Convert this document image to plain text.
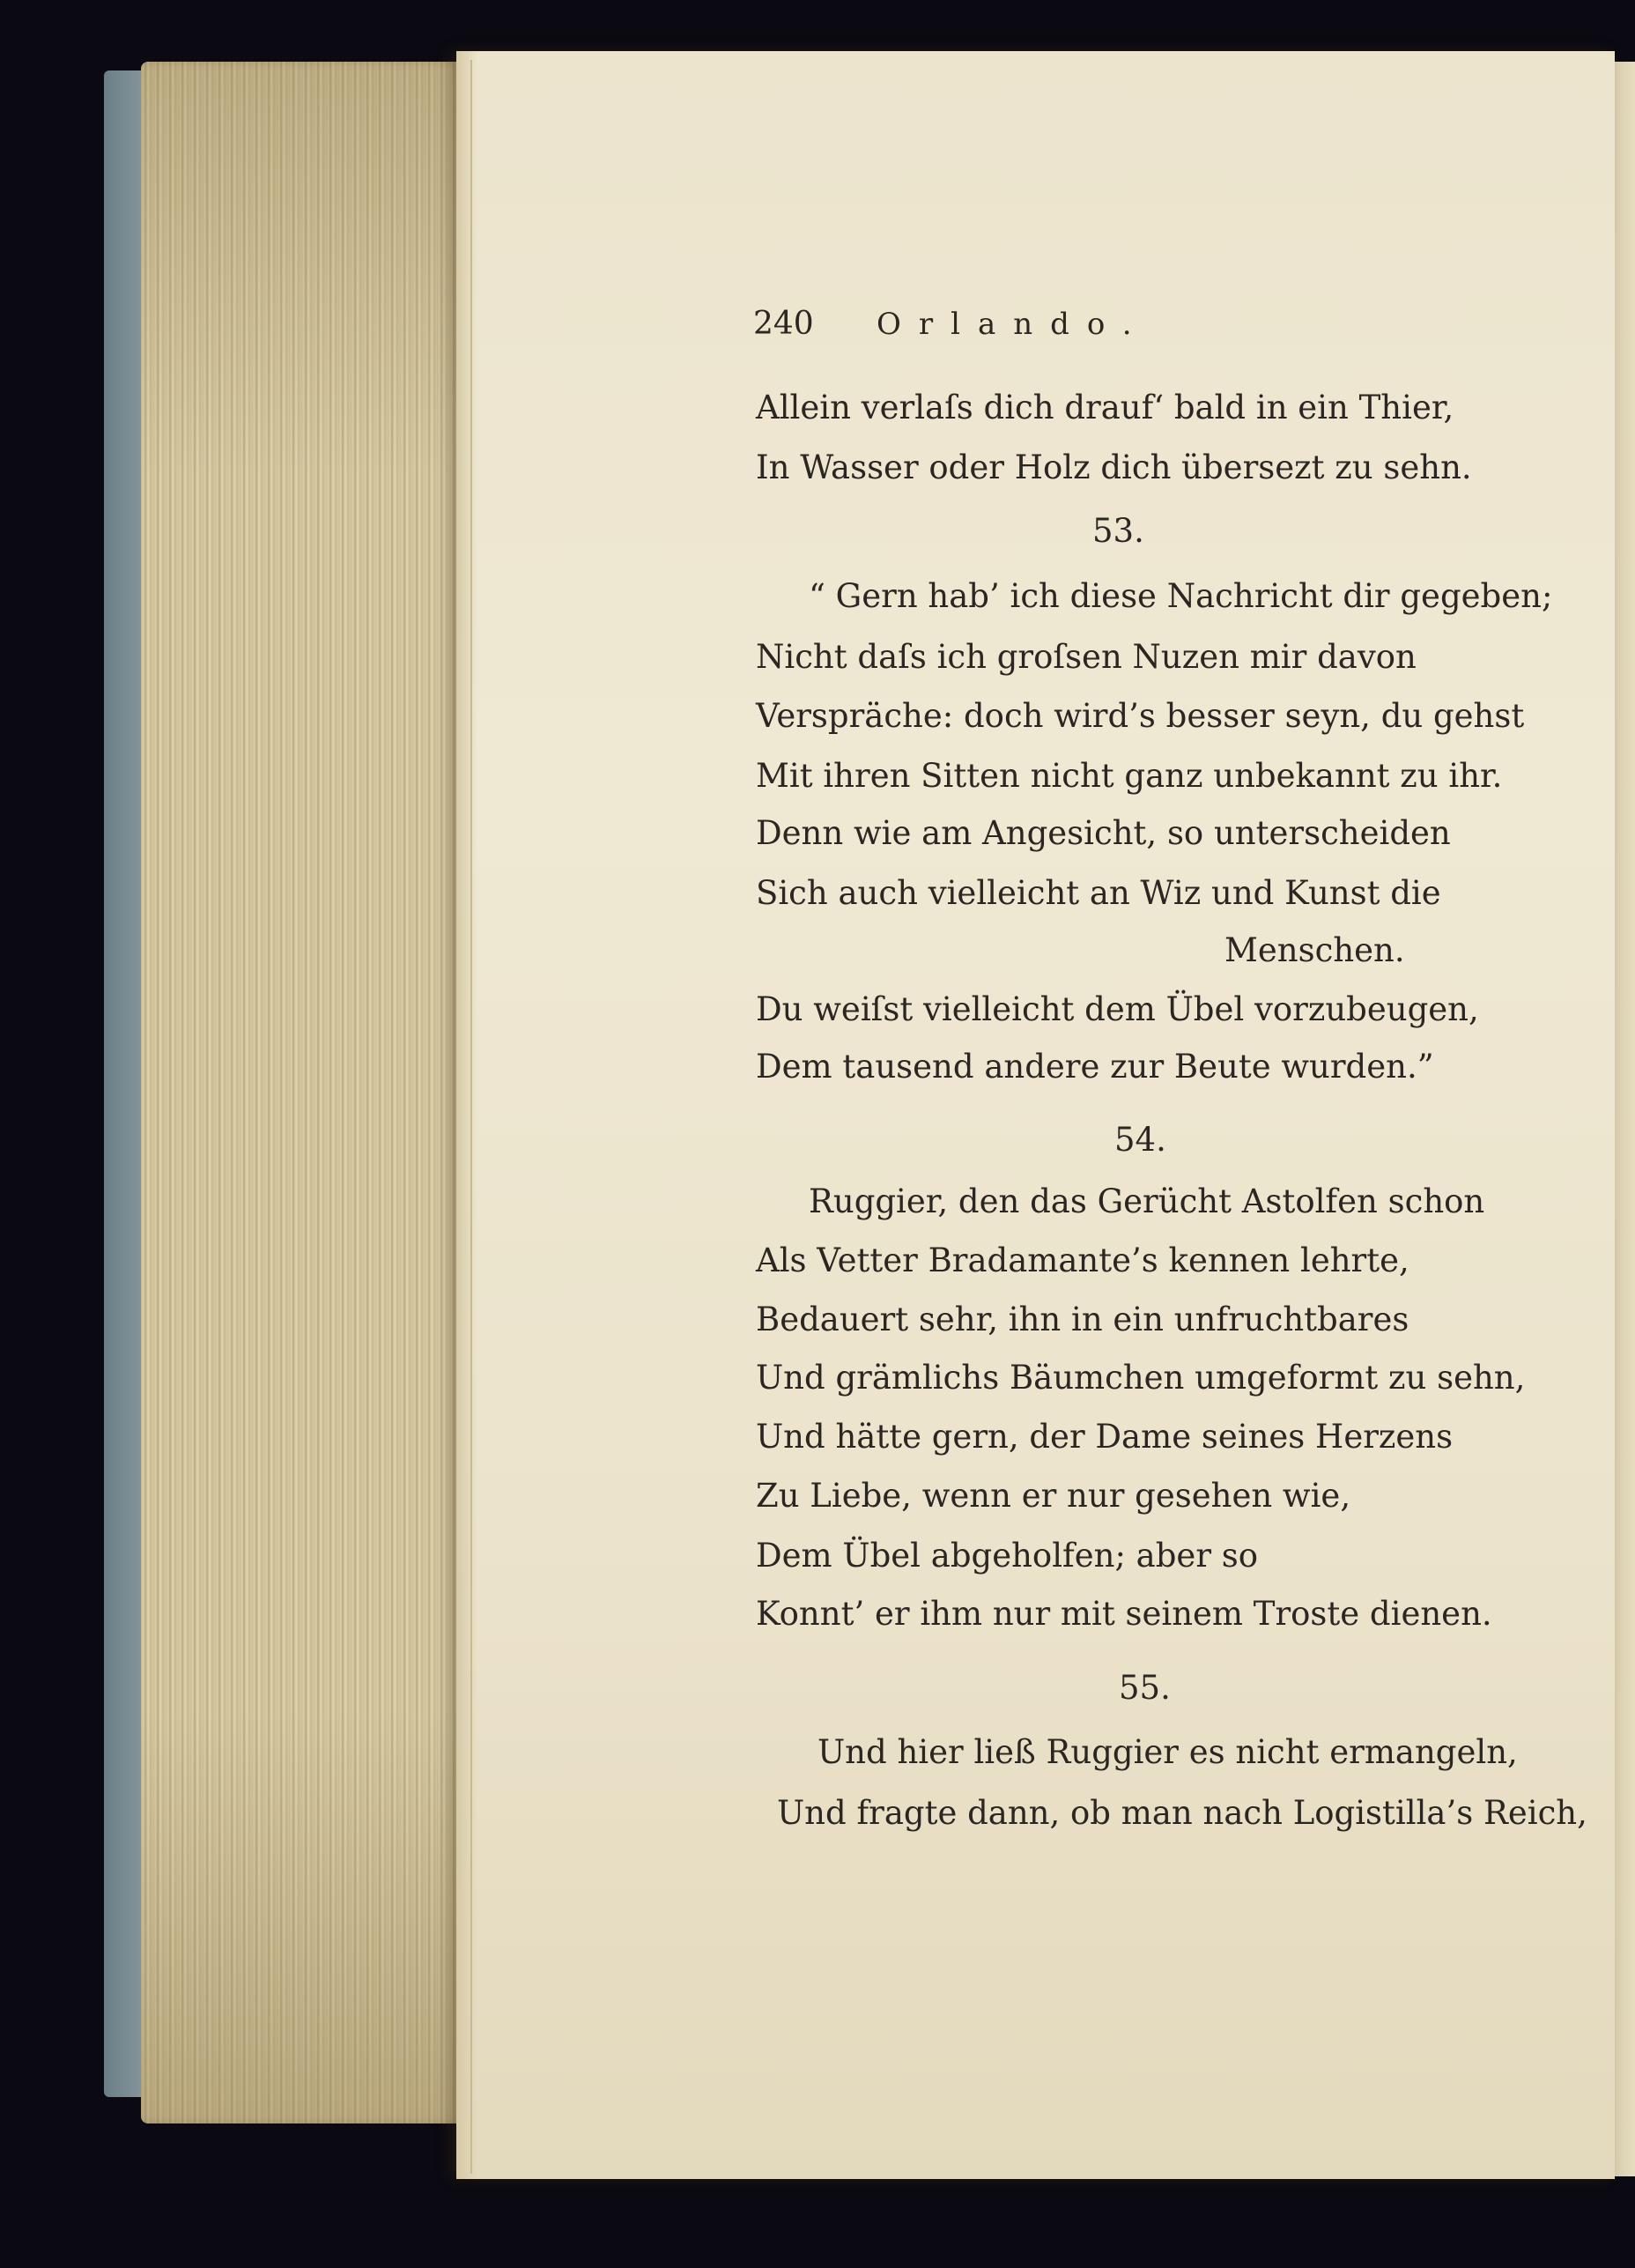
240 Orlando.
Allein verlaſs dich drauf‘ bald in ein Thier,
In Wasser oder Holz dich übersezt zu sehn.
53.
“ Gern hab’ ich diese Nachricht dir gegeben;
Nicht daſs ich groſsen Nuzen mir davon
Verspräche: doch wird’s besser seyn, du gehst
Mit ihren Sitten nicht ganz unbekannt zu ihr.
Denn wie am Angesicht, so unterscheiden
Sich auch vielleicht an Wiz und Kunst die
Menschen.
Du weiſst vielleicht dem Übel vorzubeugen,
Dem tausend andere zur Beute wurden.”
54.
Ruggier, den das Gerücht Astolfen schon
Als Vetter Bradamante’s kennen lehrte,
Bedauert sehr, ihn in ein unfruchtbares
Und grämlichs Bäumchen umgeformt zu sehn,
Und hätte gern, der Dame seines Herzens
Zu Liebe, wenn er nur gesehen wie,
Dem Übel abgeholfen; aber so
Konnt’ er ihm nur mit seinem Troste dienen.
55.
Und hier ließ Ruggier es nicht ermangeln,
Und fragte dann, ob man nach Logistilla’s Reich,
